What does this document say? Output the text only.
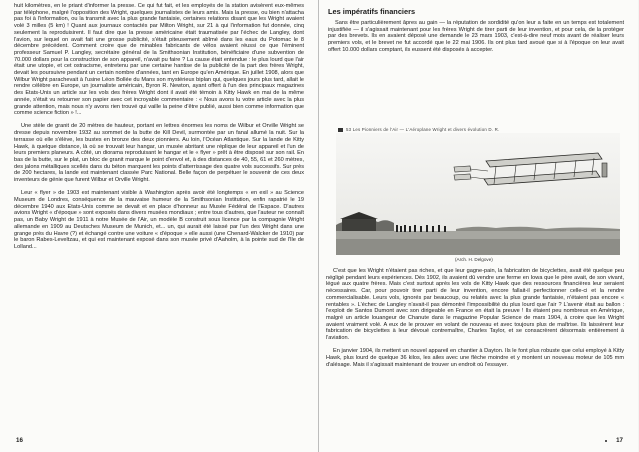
huit kilomètres, en le priant d'informer la presse. Ce qui fut fait, et les employés de la station avisèrent eux-mêmes par téléphone, malgré l'opposition des Wright, quelques journalistes de leurs amis. Mais la presse, ou bien n'attacha pas foi à l'information, ou la transmit avec la plus grande fantaisie, certaines relations disant que les Wright avaient volé 3 milles (5 km) ! Quant aux journaux contactés par Milton Wright, sur 21 à qui l'information fut donnée, cinq seulement la reproduisirent. Il faut dire que la presse américaine était traumatisée par l'échec de Langley, dont l'avion, sur lequel on avait fait une grosse publicité, s'était piteusement abîmé dans les eaux du Potomac le 8 décembre précédent. Comment croire que de minables fabricants de vélos avaient réussi ce que l'éminent professeur Samuel P. Langley, secrétaire général de la Smithsonian Institution, bénéficiaire d'une subvention de 70.000 dollars pour la construction de son appareil, n'avait pu faire ? La cause était entendue : le plus lourd que l'air était une utopie, et cet ostracisme, entretenu par une certaine hantise de la publicité de la part des frères Wright, devait les poursuivre pendant un certain nombre d'années, tant en Europe qu'en Amérique. En juillet 1908, alors que Wilbur Wright parachevait à l'usine Léon Bollée du Mans son mystérieux biplan qui, quelques jours plus tard, allait le rendre célèbre en Europe, un journaliste américain, Byron R. Newton, ayant offert à l'un des principaux magazines des Etats-Unis un article sur les vols des frères Wright dont il avait été témoin à Kitty Hawk en mai de la même année, s'était vu retourner son papier avec cet incroyable commentaire : « Nous avons lu votre article avec la plus grande attention, mais nous n'y avons rien trouvé qui vaille la peine d'être publié, aussi bien comme information que comme science fiction » !...

Une stèle de granit de 20 mètres de hauteur, portant en lettres énormes les noms de Wilbur et Orville Wright se dresse depuis novembre 1932 au sommet de la butte de Kill Devil, surmontée par un fanal allumé la nuit. Sur la terrasse où elle s'élève, les bustes en bronze des deux pionniers. Au loin, l'Océan Atlantique. Sur la lande de Kitty Hawk, à quelque distance, là où se trouvait leur hangar, un musée abritant une réplique de leur appareil et l'un de leurs premiers planeurs. A côté, un diorama reproduisant le hangar et le « flyer » prêt à être disposé sur son rail. En bas de la butte, sur le plat, un bloc de granit marque le point d'envol et, à des distances de 40, 55, 61 et 260 mètres, des jalons métalliques scellés dans du béton marquent les points d'atterrissage des quatre vols successifs. Sur près de 200 hectares, la lande est maintenant classée Parc National. Belle façon de perpétuer le souvenir de ces deux inventeurs de génie que furent Wilbur et Orville Wright.

Leur « flyer » de 1903 est maintenant visible à Washington après avoir été longtemps « en exil » au Science Museum de Londres, conséquence de la mauvaise humeur de la Smithsonian Institution, enfin rapatrié le 19 décembre 1940 aux Etats-Unis comme se devait et en place d'honneur au Musée Fédéral de l'Espace. D'autres avions Wright « d'époque » sont exposés dans divers musées mondiaux ; entre tous d'autres, que l'auteur ne connaît pas, un Baby Wright de 1911 à notre Musée de l'Air, un modèle B construit sous licence par la compagnie Wright allemande en 1909 au Deutsches Museum de Munich, et... un, qui aurait été laissé par l'un des Wright dans une grange près du Havre (?) et échangé contre une voiture « d'époque » elle aussi (une Chenard-Walcker de 1910) par le baron Rabes-Leveltzau, et qui est maintenant exposé dans son musée privé d'Aaholm, à la pointe sud de l'Ile de Lolland...

16
Les impératifs financiers

Sans être particulièrement âpres au gain — la réputation de sordidité qu'on leur a faite en un temps est totalement injustifiée — il s'agissait maintenant pour les frères Wright de tirer parti de leur invention, et pour cela, de la protéger par des brevets. Ils en avaient déposé une demande le 23 mars 1903, c'est-à-dire neuf mois avant de réaliser leurs premiers vols, et le brevet ne fut accordé que le 22 mai 1906. Ils ont plus tard avoué que si à l'époque on leur avait offert 10.000 dollars comptant, ils eussent été disposés à accepter.

53 Les Pionniers de l'Air — L'Aéroplane Wright et divers évolution D. R.
(Arch. H. Delgove)

C'est que les Wright n'étaient pas riches, et que leur gagne-pain, la fabrication de bicyclettes, avait été quelque peu négligé pendant leurs expériences. Dès 1902, ils avaient dû vendre une ferme en Iowa que le père avait, de son vivant, légué aux quatre frères. Mais c'est surtout après les vols de Kitty Hawk que des ressources financières leur seraient nécessaires. Car, pour pouvoir tirer parti de leur invention, encore fallait-il perfectionner celle-ci et la rendre commercialisable. Leurs vols, ignorés par beaucoup, ou relatés avec la plus grande fantaisie, n'étaient pas encore « rentables ». L'échec de Langley n'avait-il pas démontré l'impossibilité du plus lourd que l'air ? L'avenir était au ballon : l'exploit de Santos Dumont avec son dirigeable en France en était la preuve ! Ils étaient peu nombreux en Amérique, malgré un article louangeur de Chanute dans le magazine Popular Science de mars 1904, à croire que les Wright avaient vraiment volé. A eux de le prouver en volant de nouveau et avec toujours plus de maîtrise. Ils laissèrent leur fabrication de bicyclettes à leur dévoué contremaître, Charles Taylor, et se consacrèrent désormais entièrement à l'aviation.

En janvier 1904, ils mettent un nouvel appareil en chantier à Dayton. Ils le font plus robuste que celui employé à Kitty Hawk, plus lourd de quelque 36 kilos, les ailes avec une flèche moindre et y montent un nouveau moteur de 105 mm d'alésage. Mais il s'agissait maintenant de trouver un endroit où l'essayer.

17
